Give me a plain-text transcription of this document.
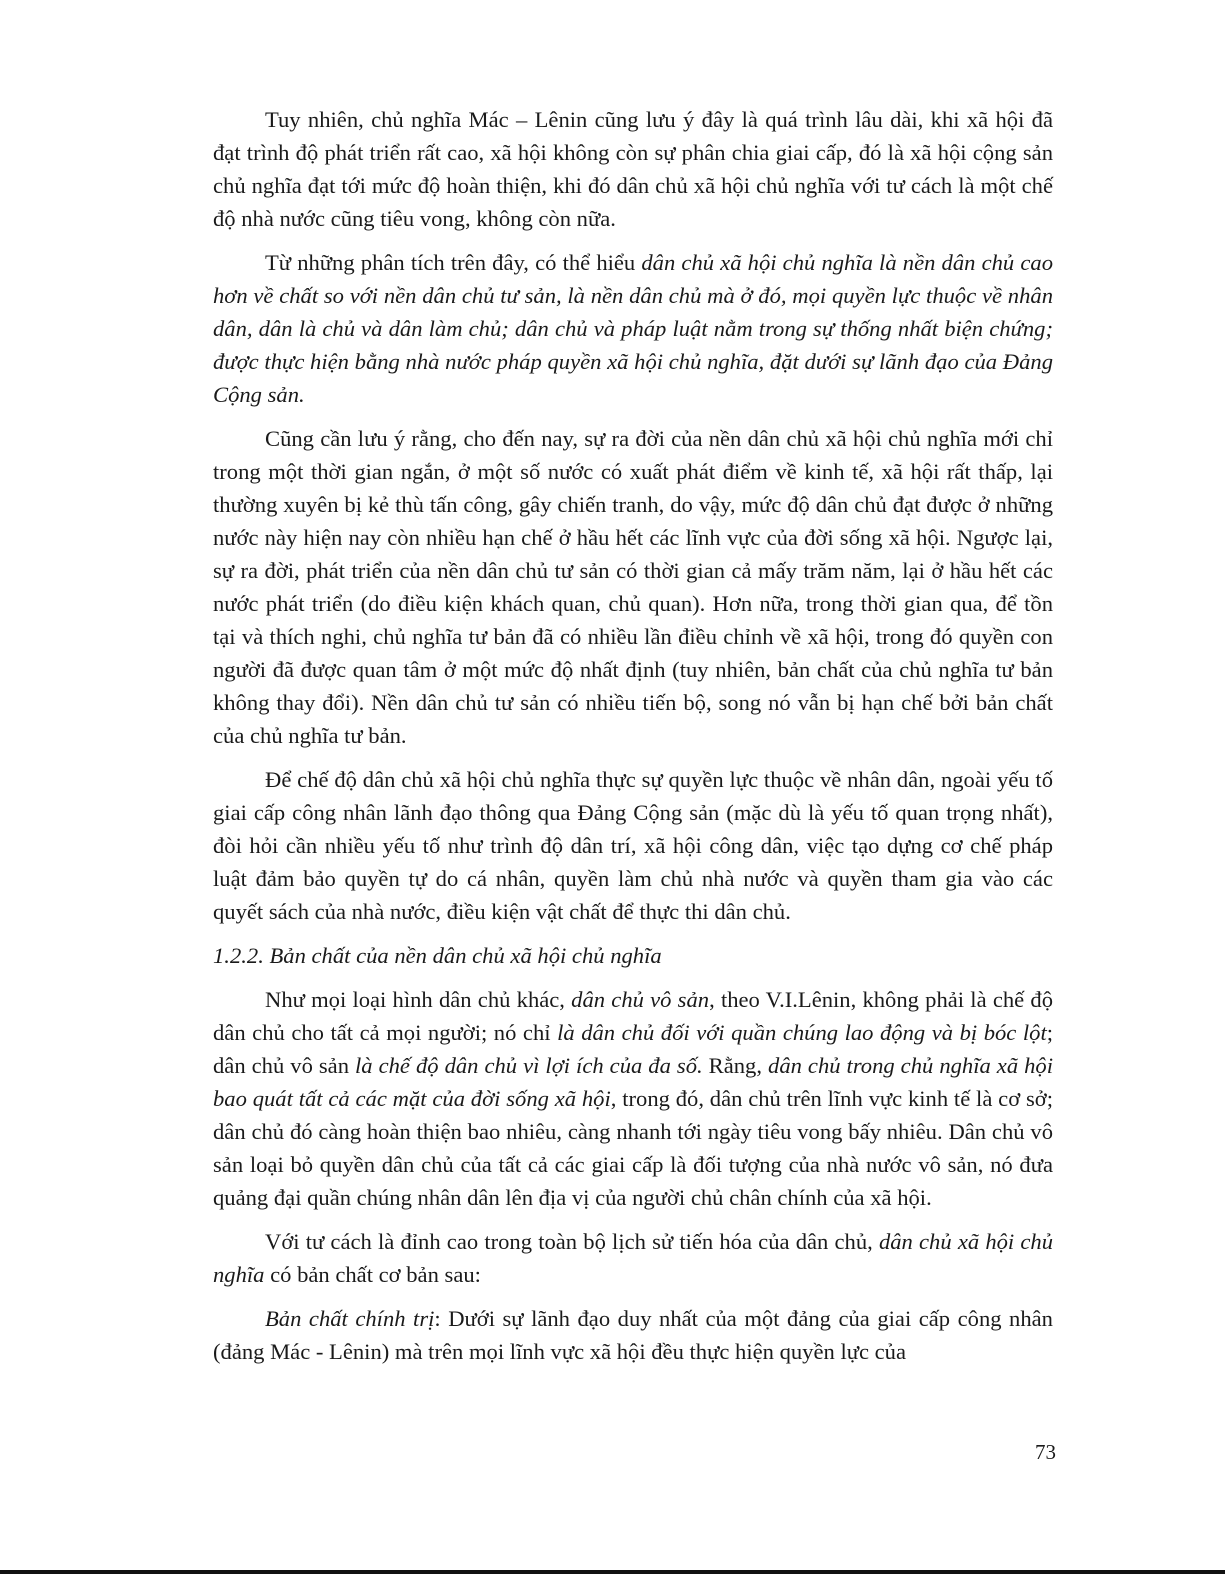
Tuy nhiên, chủ nghĩa Mác – Lênin cũng lưu ý đây là quá trình lâu dài, khi xã hội đã đạt trình độ phát triển rất cao, xã hội không còn sự phân chia giai cấp, đó là xã hội cộng sản chủ nghĩa đạt tới mức độ hoàn thiện, khi đó dân chủ xã hội chủ nghĩa với tư cách là một chế độ nhà nước cũng tiêu vong, không còn nữa.

Từ những phân tích trên đây, có thể hiểu dân chủ xã hội chủ nghĩa là nền dân chủ cao hơn về chất so với nền dân chủ tư sản, là nền dân chủ mà ở đó, mọi quyền lực thuộc về nhân dân, dân là chủ và dân làm chủ; dân chủ và pháp luật nằm trong sự thống nhất biện chứng; được thực hiện bằng nhà nước pháp quyền xã hội chủ nghĩa, đặt dưới sự lãnh đạo của Đảng Cộng sản.

Cũng cần lưu ý rằng, cho đến nay, sự ra đời của nền dân chủ xã hội chủ nghĩa mới chỉ trong một thời gian ngắn, ở một số nước có xuất phát điểm về kinh tế, xã hội rất thấp, lại thường xuyên bị kẻ thù tấn công, gây chiến tranh, do vậy, mức độ dân chủ đạt được ở những nước này hiện nay còn nhiều hạn chế ở hầu hết các lĩnh vực của đời sống xã hội. Ngược lại, sự ra đời, phát triển của nền dân chủ tư sản có thời gian cả mấy trăm năm, lại ở hầu hết các nước phát triển (do điều kiện khách quan, chủ quan). Hơn nữa, trong thời gian qua, để tồn tại và thích nghi, chủ nghĩa tư bản đã có nhiều lần điều chỉnh về xã hội, trong đó quyền con người đã được quan tâm ở một mức độ nhất định (tuy nhiên, bản chất của chủ nghĩa tư bản không thay đổi). Nền dân chủ tư sản có nhiều tiến bộ, song nó vẫn bị hạn chế bởi bản chất của chủ nghĩa tư bản.

Để chế độ dân chủ xã hội chủ nghĩa thực sự quyền lực thuộc về nhân dân, ngoài yếu tố giai cấp công nhân lãnh đạo thông qua Đảng Cộng sản (mặc dù là yếu tố quan trọng nhất), đòi hỏi cần nhiều yếu tố như trình độ dân trí, xã hội công dân, việc tạo dựng cơ chế pháp luật đảm bảo quyền tự do cá nhân, quyền làm chủ nhà nước và quyền tham gia vào các quyết sách của nhà nước, điều kiện vật chất để thực thi dân chủ.

1.2.2. Bản chất của nền dân chủ xã hội chủ nghĩa

Như mọi loại hình dân chủ khác, dân chủ vô sản, theo V.I.Lênin, không phải là chế độ dân chủ cho tất cả mọi người; nó chỉ là dân chủ đối với quần chúng lao động và bị bóc lột; dân chủ vô sản là chế độ dân chủ vì lợi ích của đa số. Rằng, dân chủ trong chủ nghĩa xã hội bao quát tất cả các mặt của đời sống xã hội, trong đó, dân chủ trên lĩnh vực kinh tế là cơ sở; dân chủ đó càng hoàn thiện bao nhiêu, càng nhanh tới ngày tiêu vong bấy nhiêu. Dân chủ vô sản loại bỏ quyền dân chủ của tất cả các giai cấp là đối tượng của nhà nước vô sản, nó đưa quảng đại quần chúng nhân dân lên địa vị của người chủ chân chính của xã hội.

Với tư cách là đỉnh cao trong toàn bộ lịch sử tiến hóa của dân chủ, dân chủ xã hội chủ nghĩa có bản chất cơ bản sau:

Bản chất chính trị: Dưới sự lãnh đạo duy nhất của một đảng của giai cấp công nhân (đảng Mác - Lênin) mà trên mọi lĩnh vực xã hội đều thực hiện quyền lực của

73
